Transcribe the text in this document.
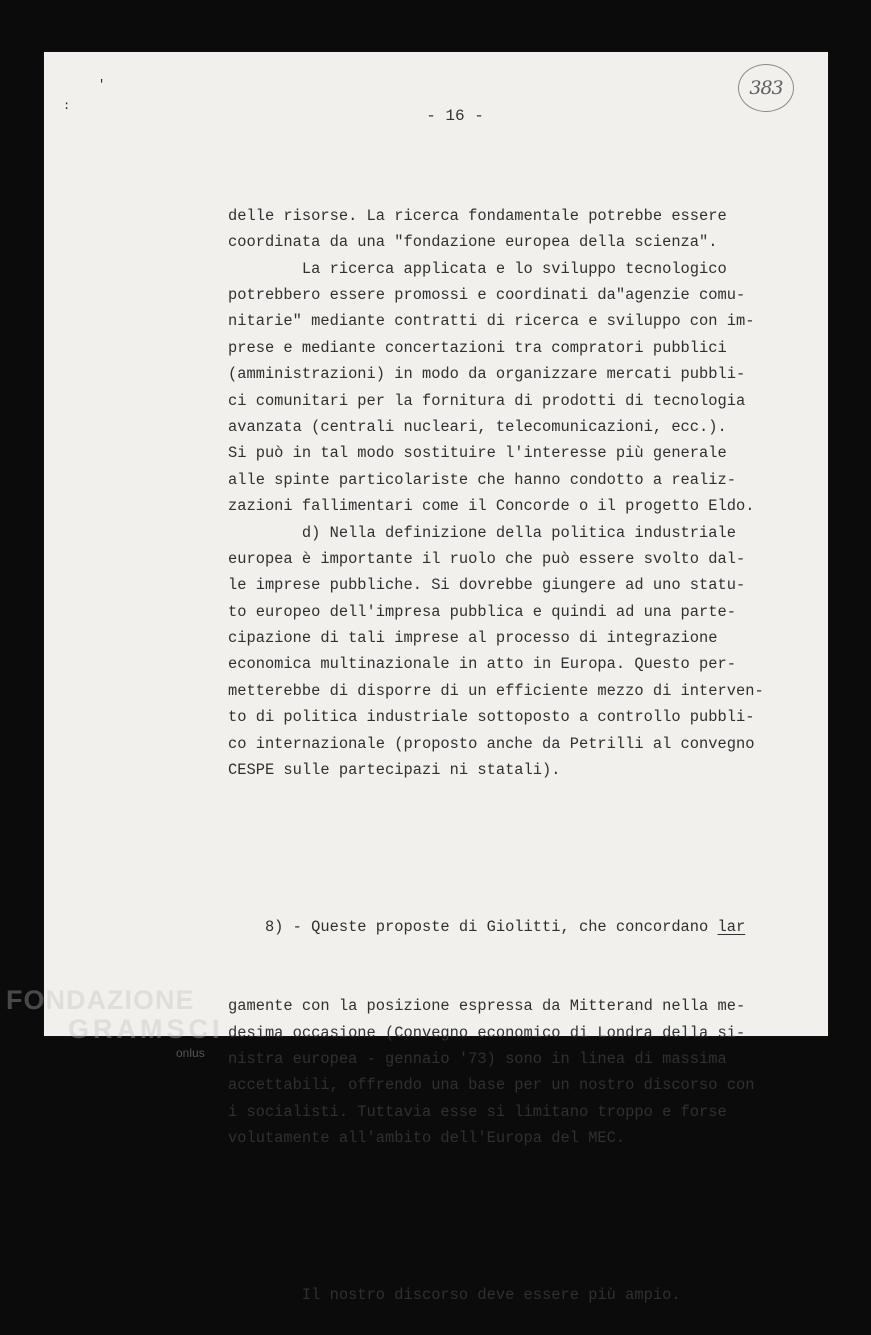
'
:
383
- 16 -

delle risorse. La ricerca fondamentale potrebbe essere
coordinata da una "fondazione europea della scienza".
La ricerca applicata e lo sviluppo tecnologico
potrebbero essere promossi e coordinati da"agenzie comu-
nitarie" mediante contratti di ricerca e sviluppo con im-
prese e mediante concertazioni tra compratori pubblici
(amministrazioni) in modo da organizzare mercati pubbli-
ci comunitari per la fornitura di prodotti di tecnologia
avanzata (centrali nucleari, telecomunicazioni, ecc.).
Si può in tal modo sostituire l'interesse più generale
alle spinte particolariste che hanno condotto a realiz-
zazioni fallimentari come il Concorde o il progetto Eldo.
d) Nella definizione della politica industriale
europea è importante il ruolo che può essere svolto dal-
le imprese pubbliche. Si dovrebbe giungere ad uno statu-
to europeo dell'impresa pubblica e quindi ad una parte-
cipazione di tali imprese al processo di integrazione
economica multinazionale in atto in Europa. Questo per-
metterebbe di disporre di un efficiente mezzo di interven-
to di politica industriale sottoposto a controllo pubbli-
co internazionale (proposto anche da Petrilli al convegno
CESPE sulle partecipazi ni statali).

8) - Queste proposte di Giolitti, che concordano lar

gamente con la posizione espressa da Mitterand nella me-
desima occasione (Convegno economico di Londra della si-
nistra europea - gennaio '73) sono in linea di massima
accettabili, offrendo una base per un nostro discorso con
i socialisti. Tuttavia esse si limitano troppo e forse
volutamente all'ambito dell'Europa del MEC.

Il nostro discorso deve essere più ampio.

FONDAZIONE
GRAMSCI
onlus
